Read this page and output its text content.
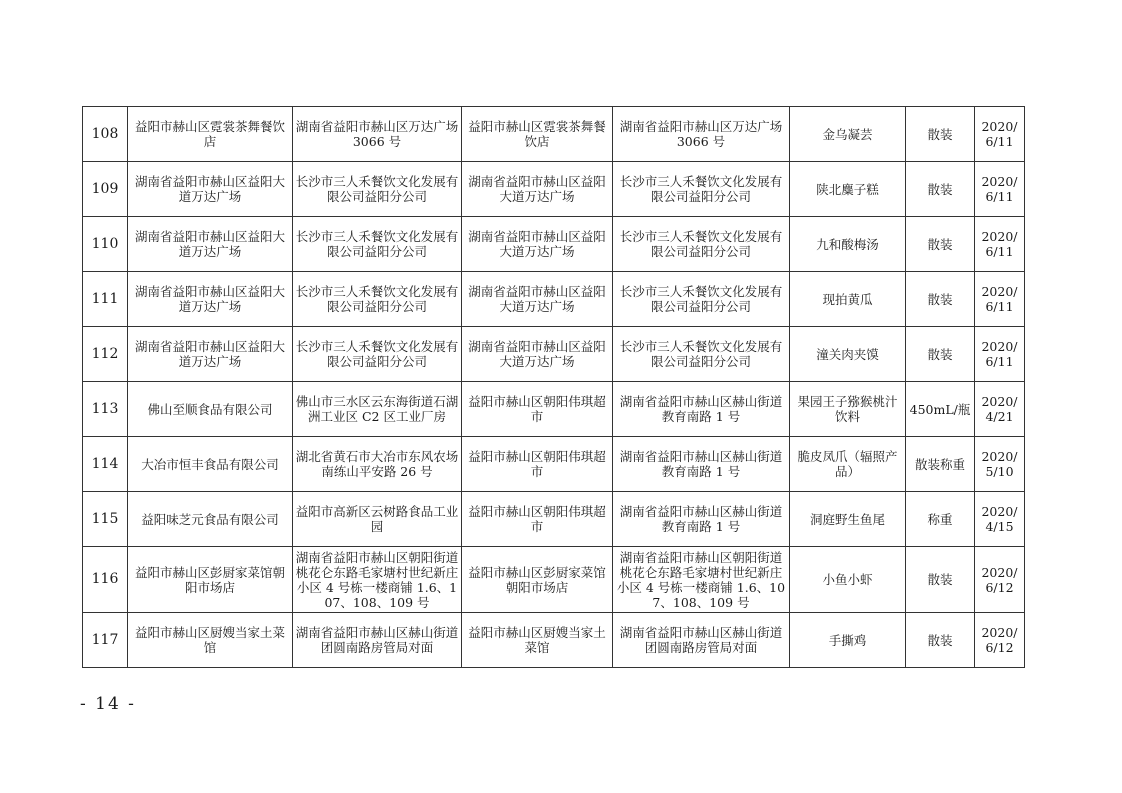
108	益阳市赫山区霓裳茶舞餐饮店	湖南省益阳市赫山区万达广场 3066 号	益阳市赫山区霓裳茶舞餐饮店	湖南省益阳市赫山区万达广场 3066 号	金乌凝芸	散装	2020/6/11
109	湖南省益阳市赫山区益阳大道万达广场	长沙市三人禾餐饮文化发展有限公司益阳分公司	湖南省益阳市赫山区益阳大道万达广场	长沙市三人禾餐饮文化发展有限公司益阳分公司	陕北麋子糕	散装	2020/6/11
110	湖南省益阳市赫山区益阳大道万达广场	长沙市三人禾餐饮文化发展有限公司益阳分公司	湖南省益阳市赫山区益阳大道万达广场	长沙市三人禾餐饮文化发展有限公司益阳分公司	九和酸梅汤	散装	2020/6/11
111	湖南省益阳市赫山区益阳大道万达广场	长沙市三人禾餐饮文化发展有限公司益阳分公司	湖南省益阳市赫山区益阳大道万达广场	长沙市三人禾餐饮文化发展有限公司益阳分公司	现拍黄瓜	散装	2020/6/11
112	湖南省益阳市赫山区益阳大道万达广场	长沙市三人禾餐饮文化发展有限公司益阳分公司	湖南省益阳市赫山区益阳大道万达广场	长沙市三人禾餐饮文化发展有限公司益阳分公司	潼关肉夹馍	散装	2020/6/11
113	佛山至顺食品有限公司	佛山市三水区云东海街道石湖洲工业区 C2 区工业厂房	益阳市赫山区朝阳伟琪超市	湖南省益阳市赫山区赫山街道教育南路 1 号	果园王子猕猴桃汁饮料	450mL/瓶	2020/4/21
114	大冶市恒丰食品有限公司	湖北省黄石市大冶市东风农场南练山平安路 26 号	益阳市赫山区朝阳伟琪超市	湖南省益阳市赫山区赫山街道教育南路 1 号	脆皮凤爪（辐照产品）	散装称重	2020/5/10
115	益阳味芝元食品有限公司	益阳市高新区云树路食品工业园	益阳市赫山区朝阳伟琪超市	湖南省益阳市赫山区赫山街道教育南路 1 号	洞庭野生鱼尾	称重	2020/4/15
116	益阳市赫山区彭厨家菜馆朝阳市场店	湖南省益阳市赫山区朝阳街道桃花仑东路毛家塘村世纪新庄小区 4 号栋一楼商铺 1.6、107、108、109 号	益阳市赫山区彭厨家菜馆朝阳市场店	湖南省益阳市赫山区朝阳街道桃花仑东路毛家塘村世纪新庄小区 4 号栋一楼商铺 1.6、107、108、109 号	小鱼小虾	散装	2020/6/12
117	益阳市赫山区厨嫂当家土菜馆	湖南省益阳市赫山区赫山街道团圆南路房管局对面	益阳市赫山区厨嫂当家土菜馆	湖南省益阳市赫山区赫山街道团圆南路房管局对面	手撕鸡	散装	2020/6/12
- 14 -
